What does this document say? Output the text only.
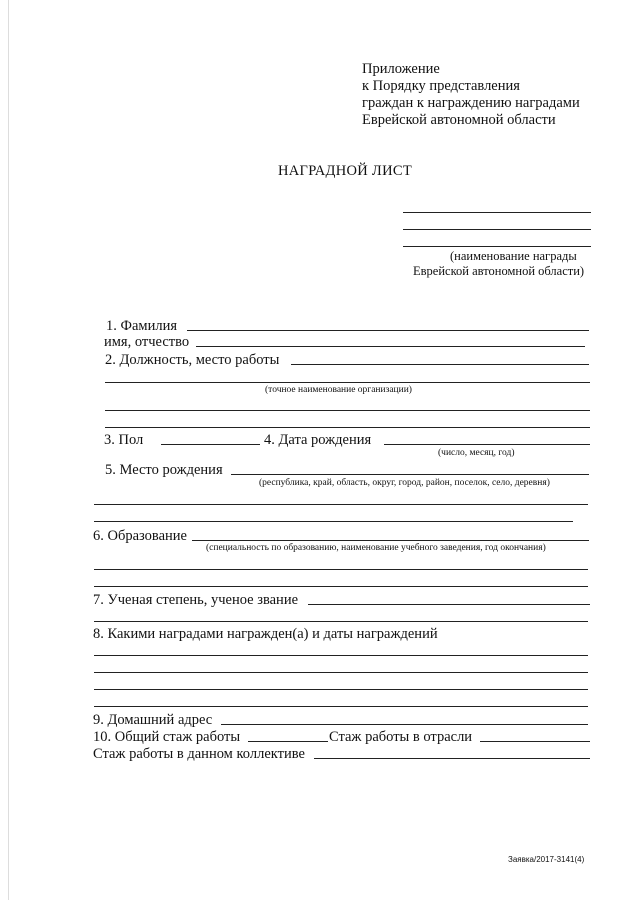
Приложение
к Порядку представления
граждан к награждению наградами
Еврейской автономной области
НАГРАДНОЙ ЛИСТ
(наименование награды
Еврейской автономной области)
1. Фамилия
имя, отчество
2. Должность, место работы
(точное наименование организации)
3. Пол	4. Дата рождения
(число, месяц, год)
5. Место рождения
(республика, край, область, округ, город, район, поселок, село, деревня)
6. Образование
(специальность по образованию, наименование учебного заведения, год окончания)
7. Ученая степень, ученое звание
8. Какими наградами награжден(а) и даты награждений
9. Домашний адрес
10. Общий стаж работы	Стаж работы в отрасли
Стаж работы в данном коллективе
Заявка/2017-3141(4)
